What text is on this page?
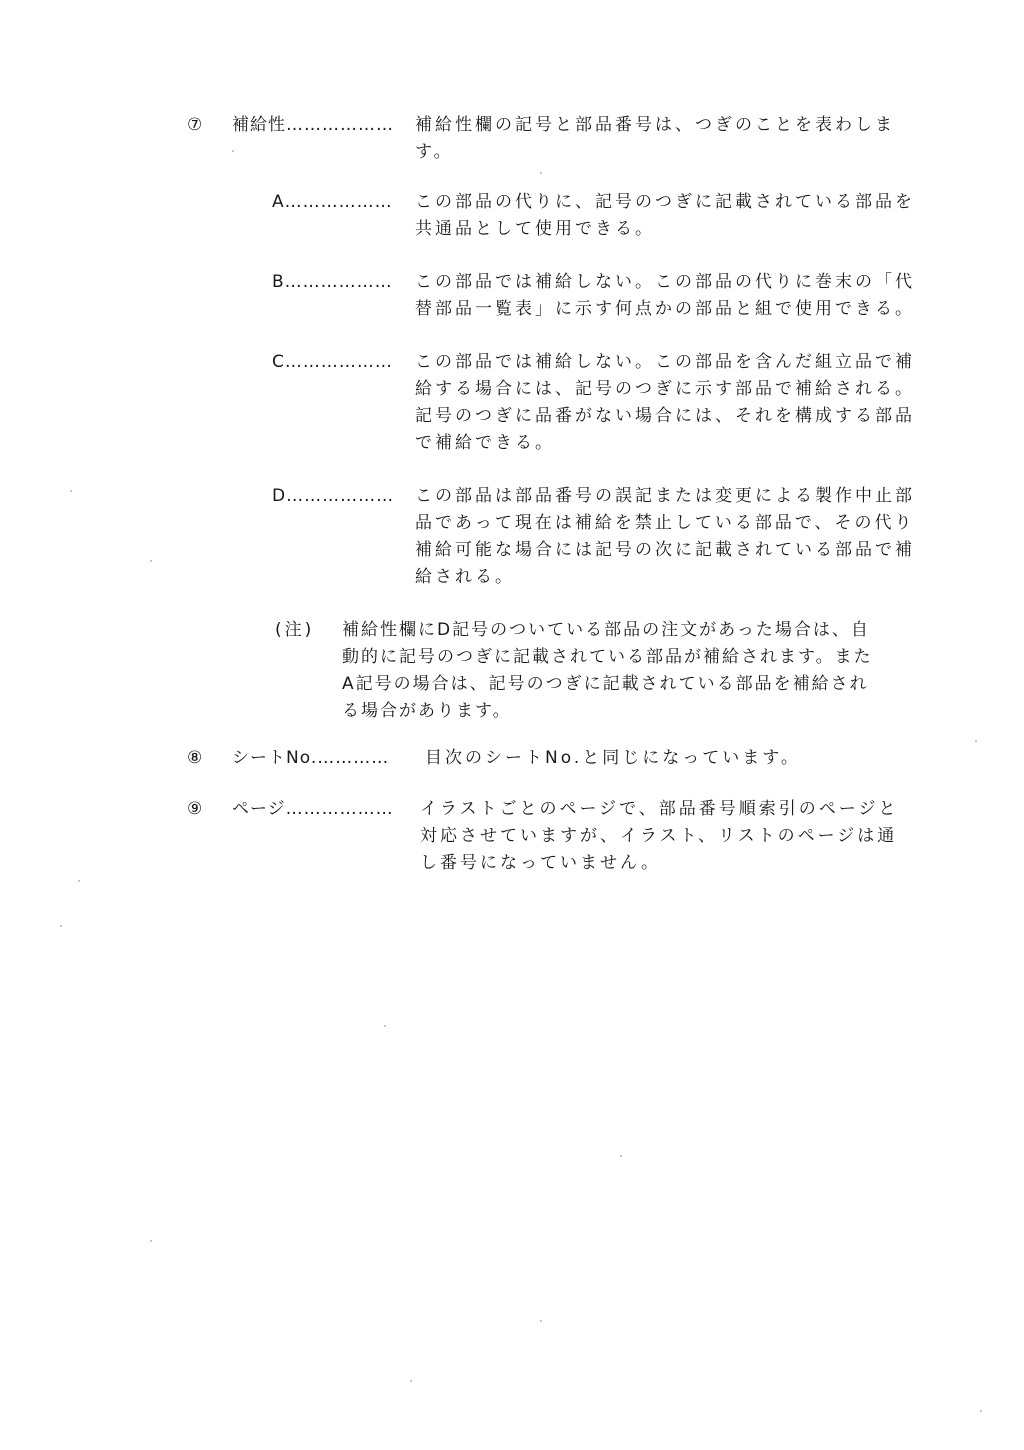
⑦ 補給性……………… 補給性欄の記号と部品番号は、つぎのことを表わしま
す。
A……………… この部品の代りに、記号のつぎに記載されている部品を
共通品として使用できる。
B……………… この部品では補給しない。この部品の代りに巻末の「代
替部品一覧表」に示す何点かの部品と組で使用できる。
C……………… この部品では補給しない。この部品を含んだ組立品で補
給する場合には、記号のつぎに示す部品で補給される。
記号のつぎに品番がない場合には、それを構成する部品
で補給できる。
D……………… この部品は部品番号の誤記または変更による製作中止部
品であって現在は補給を禁止している部品で、その代り
補給可能な場合には記号の次に記載されている部品で補
給される。
(注) 補給性欄にD記号のついている部品の注文があった場合は、自
動的に記号のつぎに記載されている部品が補給されます。また
A記号の場合は、記号のつぎに記載されている部品を補給され
る場合があります。
⑧ シートNo.………… 目次のシートNo.と同じになっています。
⑨ ページ……………… イラストごとのページで、部品番号順索引のページと
対応させていますが、イラスト、リストのページは通
し番号になっていません。
